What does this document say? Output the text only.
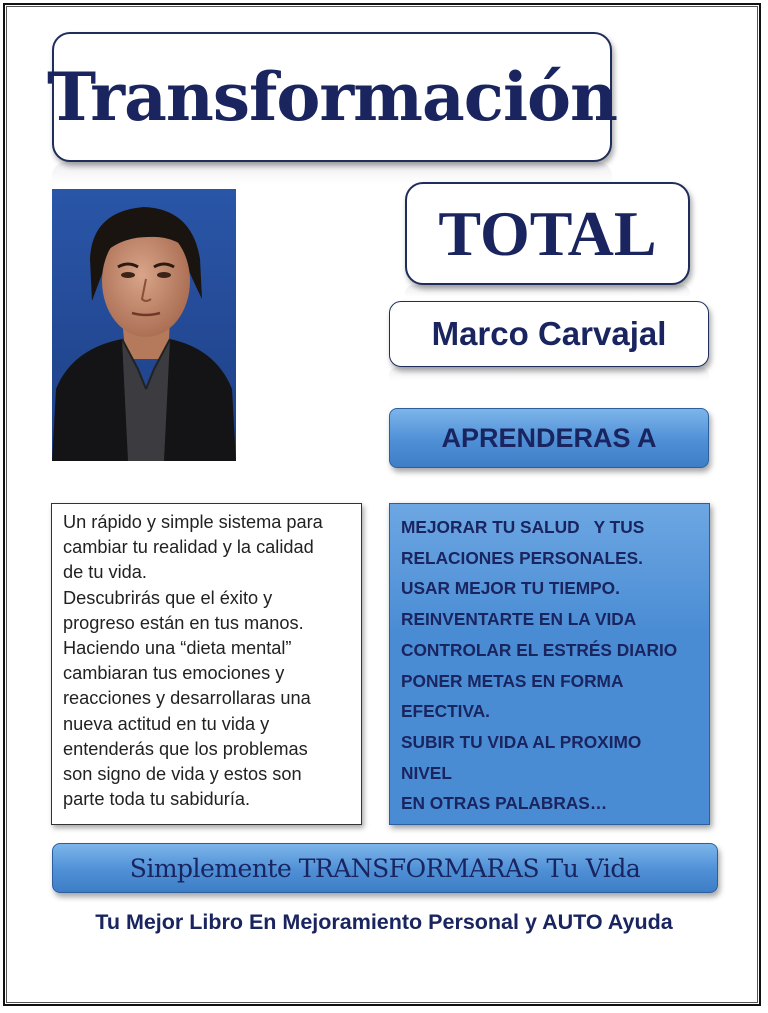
Transformación
TOTAL
Marco Carvajal
APRENDERAS A

Un rápido y simple sistema para

cambiar tu realidad y la calidad

de tu vida.

Descubrirás que el éxito y

progreso están en tus manos.

Haciendo una “dieta mental”

cambiaran tus emociones y

reacciones y desarrollaras una

nueva actitud en tu vida y

entenderás que los problemas

son signo de vida y estos son

parte toda tu sabiduría.

MEJORAR TU SALUD   Y TUS
RELACIONES PERSONALES.
USAR MEJOR TU TIEMPO.
REINVENTARTE EN LA VIDA
CONTROLAR EL ESTRÉS DIARIO
PONER METAS EN FORMA
EFECTIVA.
SUBIR TU VIDA AL PROXIMO
NIVEL
EN OTRAS PALABRAS…
Simplemente TRANSFORMARAS Tu Vida
Tu Mejor Libro En Mejoramiento Personal y AUTO Ayuda
